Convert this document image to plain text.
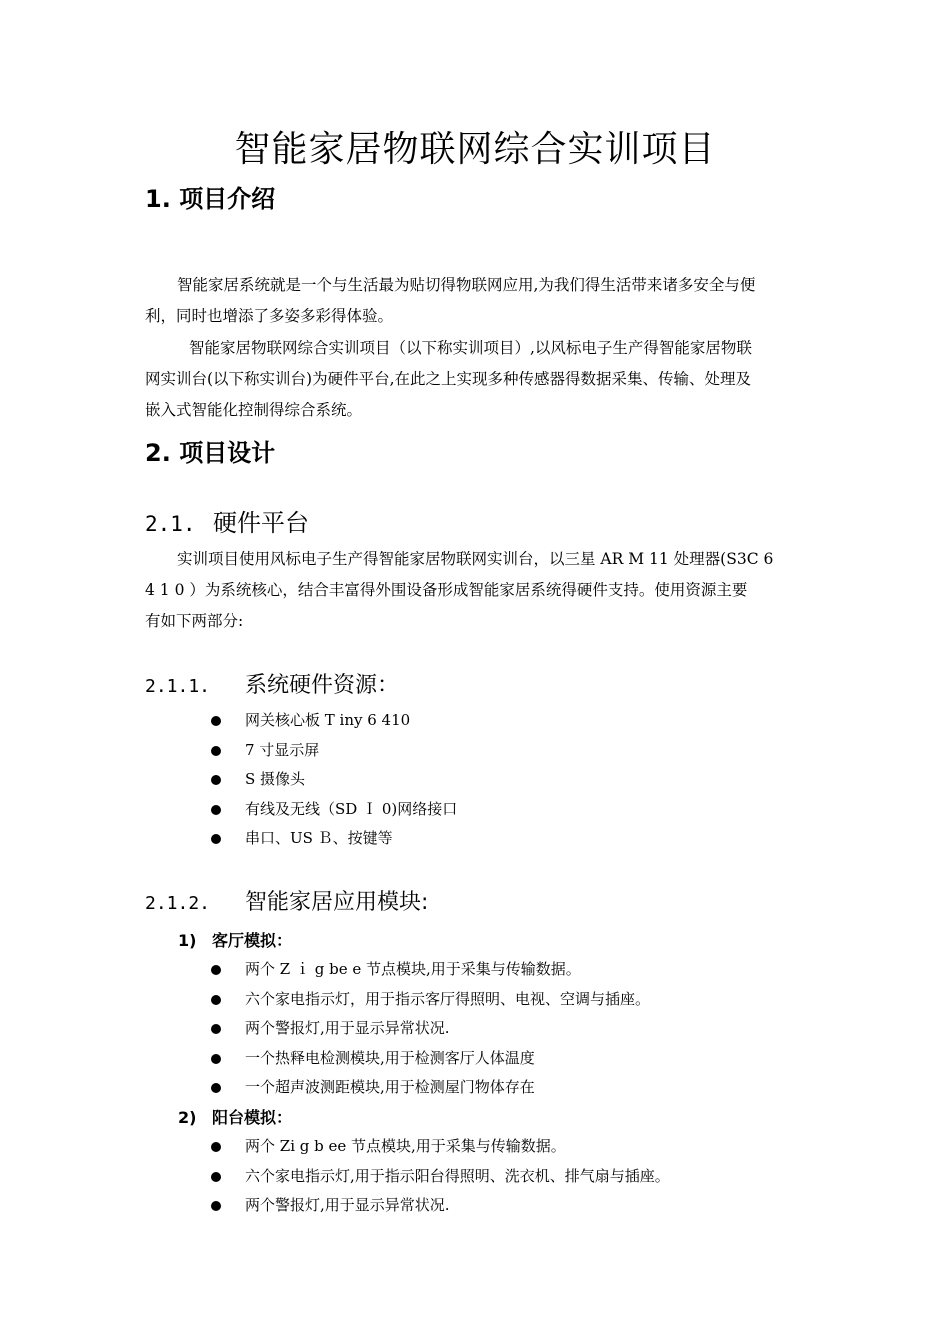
智能家居物联网综合实训项目
1. 项目介绍
智能家居系统就是一个与生活最为贴切得物联网应用,为我们得生活带来诸多安全与便
利，同时也增添了多姿多彩得体验。
智能家居物联网综合实训项目（以下称实训项目）,以风标电子生产得智能家居物联
网实训台(以下称实训台)为硬件平台,在此之上实现多种传感器得数据采集、传输、处理及
嵌入式智能化控制得综合系统。
2. 项目设计
2.1. 硬件平台
实训项目使用风标电子生产得智能家居物联网实训台，以三星 AR M 11 处理器(S3C 6
4 1 0 ）为系统核心，结合丰富得外围设备形成智能家居系统得硬件支持。使用资源主要
有如下两部分:
2.1.1. 系统硬件资源：
网关核心板 T iny 6 410
7 寸显示屏
S 摄像头
有线及无线（SD Ｉ 0)网络接口
串口、US Ｂ、按键等
2.1.2. 智能家居应用模块:
1) 客厅模拟：
两个 Z ｉ g be e 节点模块,用于采集与传输数据。
六个家电指示灯，用于指示客厅得照明、电视、空调与插座。
两个警报灯,用于显示异常状况.
一个热释电检测模块,用于检测客厅人体温度
一个超声波测距模块,用于检测屋门物体存在
2) 阳台模拟：
两个 Zi g b ee 节点模块,用于采集与传输数据。
六个家电指示灯,用于指示阳台得照明、洗衣机、排气扇与插座。
两个警报灯,用于显示异常状况.
